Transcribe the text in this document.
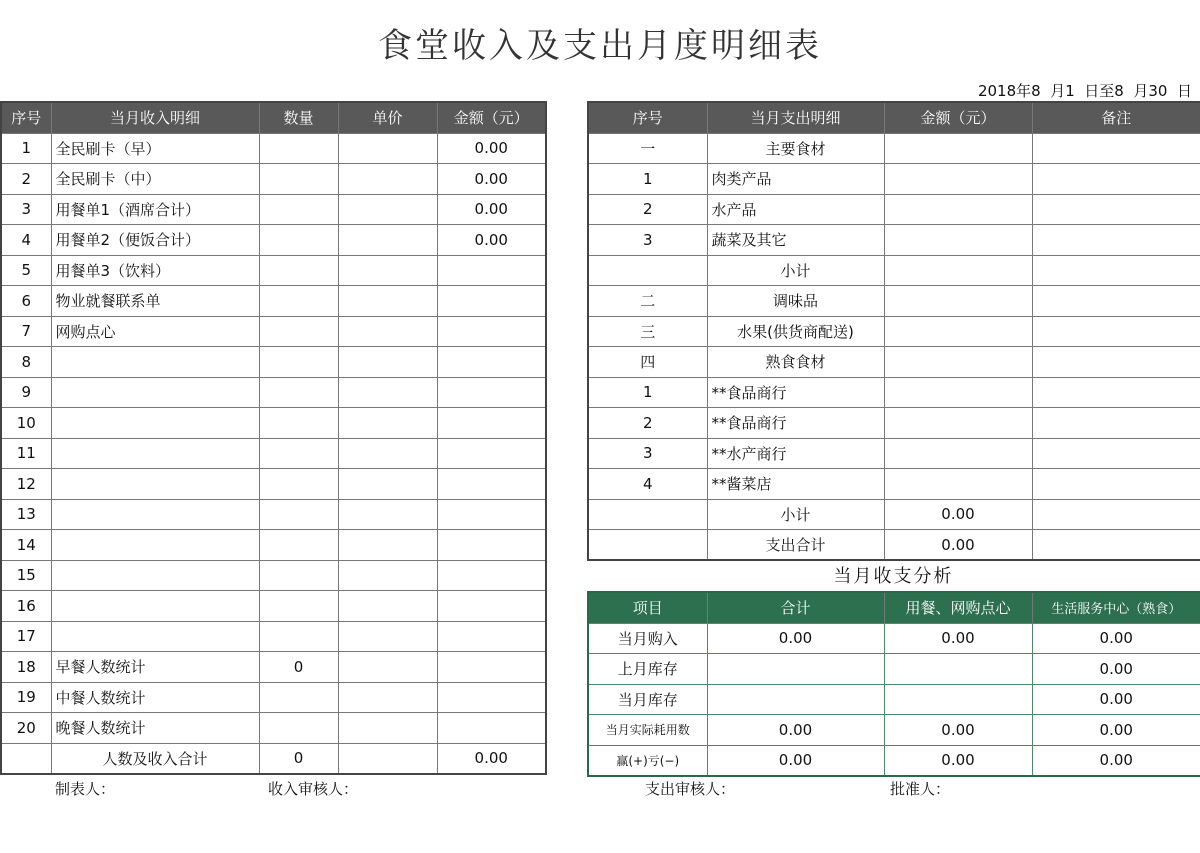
食堂收入及支出月度明细表
2018年8  月1  日至8  月30  日
序号	当月收入明细	数量	单价	金额（元）
1	全民刷卡（早）			0.00
2	全民刷卡（中）			0.00
3	用餐单1（酒席合计）			0.00
4	用餐单2（便饭合计）			0.00
5	用餐单3（饮料）			
6	物业就餐联系单			
7	网购点心			
8				
9				
10				
11				
12				
13				
14				
15				
16				
17				
18	早餐人数统计	0		
19	中餐人数统计			
20	晚餐人数统计			
	人数及收入合计	0		0.00
序号	当月支出明细	金额（元）	备注
一	主要食材		
1	肉类产品		
2	水产品		
3	蔬菜及其它		
	小计		
二	调味品		
三	水果(供货商配送)		
四	熟食食材		
1	**食品商行		
2	**食品商行		
3	**水产商行		
4	**酱菜店		
	小计	0.00	
	支出合计	0.00	
当月收支分析
项目	合计	用餐、网购点心	生活服务中心（熟食）
当月购入	0.00	0.00	0.00
上月库存			0.00
当月库存			0.00
当月实际耗用数	0.00	0.00	0.00
赢(+)亏(−)	0.00	0.00	0.00
制表人：	收入审核人：	支出审核人：	批准人：
